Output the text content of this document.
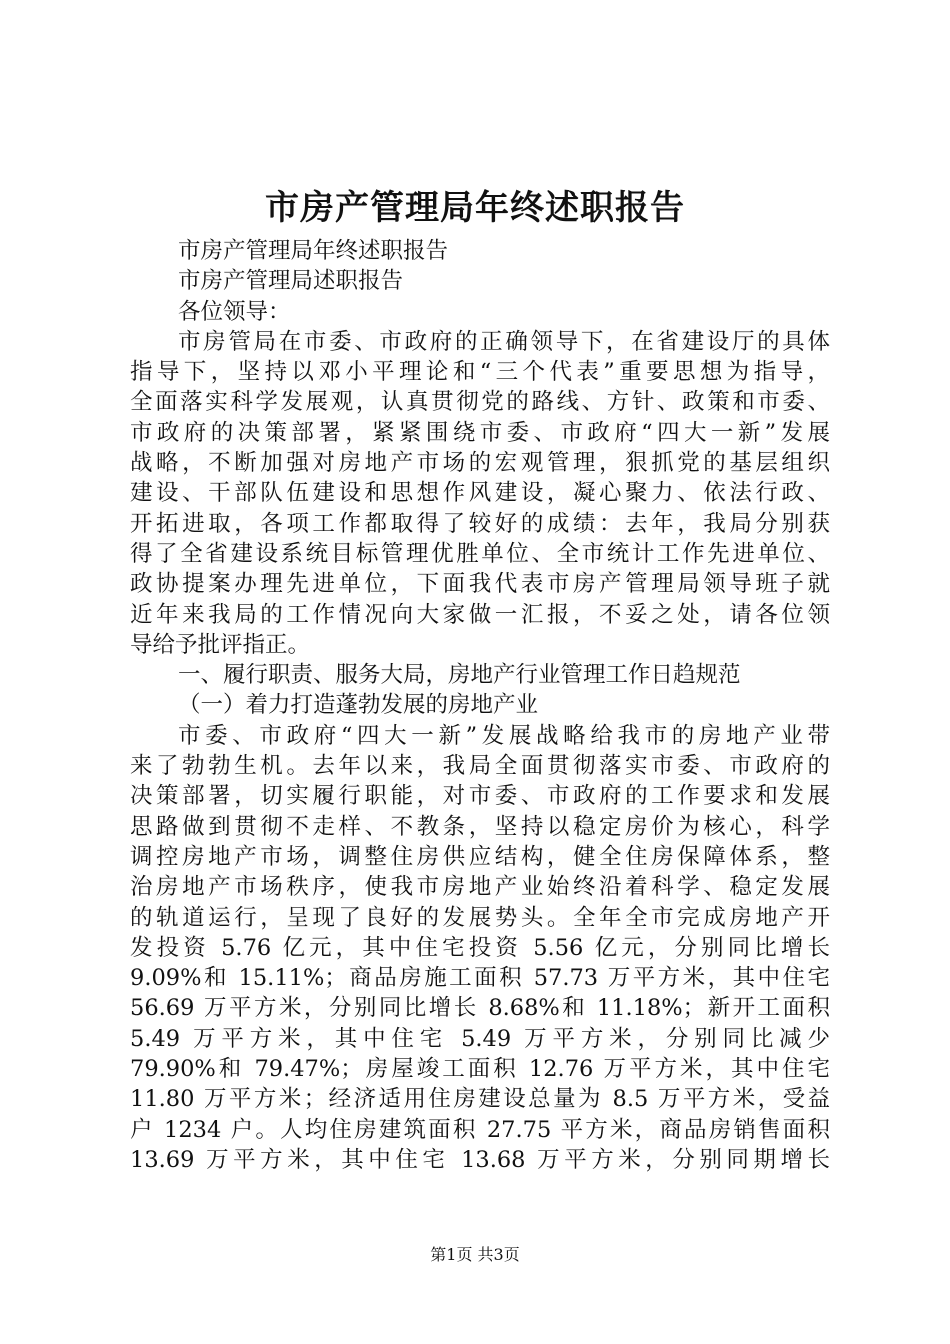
市房产管理局年终述职报告
市房产管理局年终述职报告
市房产管理局述职报告
各位领导：
市房管局在市委、市政府的正确领导下，在省建设厅的具体
指导下，坚持以邓小平理论和“三个代表”重要思想为指导，
全面落实科学发展观，认真贯彻党的路线、方针、政策和市委、
市政府的决策部署，紧紧围绕市委、市政府“四大一新”发展
战略，不断加强对房地产市场的宏观管理，狠抓党的基层组织
建设、干部队伍建设和思想作风建设，凝心聚力、依法行政、
开拓进取，各项工作都取得了较好的成绩：去年，我局分别获
得了全省建设系统目标管理优胜单位、全市统计工作先进单位、
政协提案办理先进单位，下面我代表市房产管理局领导班子就
近年来我局的工作情况向大家做一汇报，不妥之处，请各位领
导给予批评指正。
一、履行职责、服务大局，房地产行业管理工作日趋规范
（一）着力打造蓬勃发展的房地产业
市委、市政府“四大一新”发展战略给我市的房地产业带
来了勃勃生机。去年以来，我局全面贯彻落实市委、市政府的
决策部署，切实履行职能，对市委、市政府的工作要求和发展
思路做到贯彻不走样、不教条，坚持以稳定房价为核心，科学
调控房地产市场，调整住房供应结构，健全住房保障体系，整
治房地产市场秩序，使我市房地产业始终沿着科学、稳定发展
的轨道运行，呈现了良好的发展势头。全年全市完成房地产开
发投资 5.76 亿元，其中住宅投资 5.56 亿元，分别同比增长
9.09%和 15.11%；商品房施工面积 57.73 万平方米，其中住宅
56.69 万平方米，分别同比增长 8.68%和 11.18%；新开工面积
5.49 万平方米，其中住宅 5.49 万平方米，分别同比减少
79.90%和 79.47%；房屋竣工面积 12.76 万平方米，其中住宅
11.80 万平方米；经济适用住房建设总量为 8.5 万平方米，受益
户 1234 户。人均住房建筑面积 27.75 平方米，商品房销售面积
13.69 万平方米，其中住宅 13.68 万平方米，分别同期增长
第1页 共3页
